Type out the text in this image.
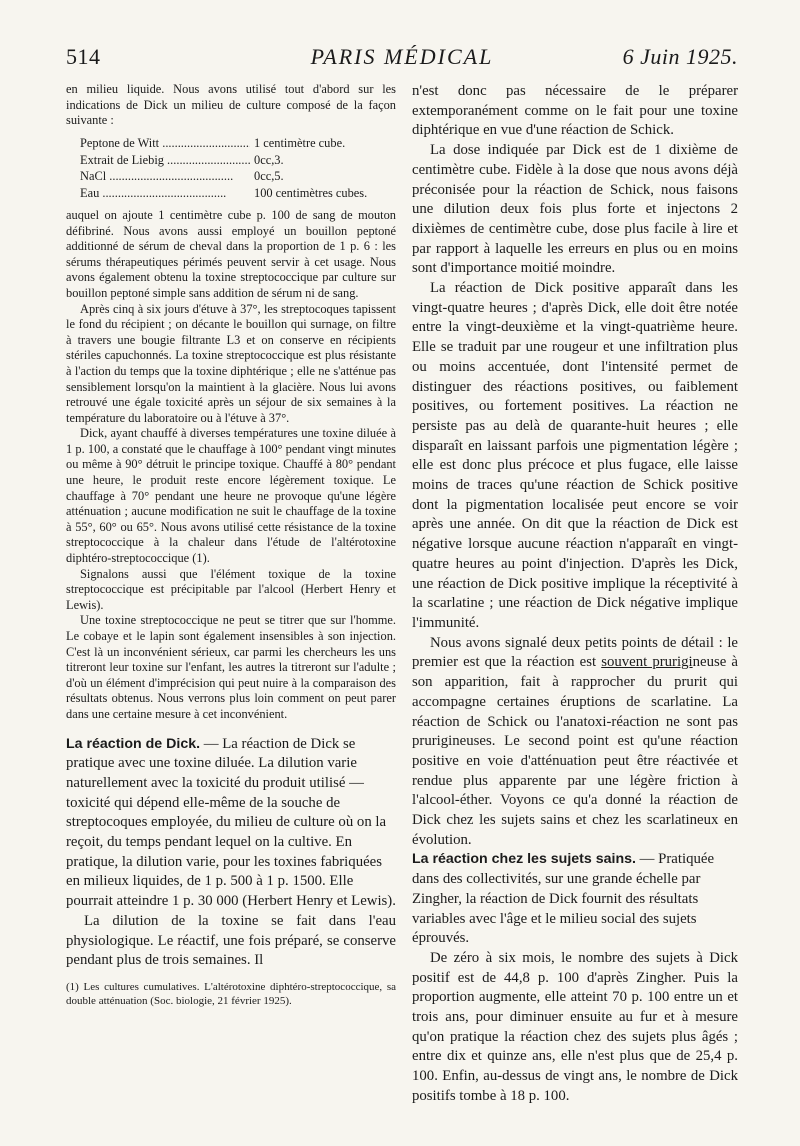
514	PARIS MÉDICAL	6 Juin 1925.

en milieu liquide. Nous avons utilisé tout d'abord sur les indications de Dick un milieu de culture composé de la façon suivante :

Peptone de Witt .....	1 centimètre cube.
Extrait de Liebig .....	0cc,3.
NaCl .....	0cc,5.
Eau .....	100 centimètres cubes.

auquel on ajoute 1 centimètre cube p. 100 de sang de mouton défibriné. Nous avons aussi employé un bouillon peptoné additionné de sérum de cheval dans la proportion de 1 p. 6 : les sérums thérapeutiques périmés peuvent servir à cet usage. Nous avons également obtenu la toxine streptococcique par culture sur bouillon peptoné simple sans addition de sérum ni de sang.

Après cinq à six jours d'étuve à 37°, les streptocoques tapissent le fond du récipient ; on décante le bouillon qui surnage, on filtre à travers une bougie filtrante L3 et on conserve en récipients stériles capuchonnés. La toxine streptococcique est plus résistante à l'action du temps que la toxine diphtérique ; elle ne s'atténue pas sensiblement lorsqu'on la maintient à la glacière. Nous lui avons retrouvé une égale toxicité après un séjour de six semaines à la température du laboratoire ou à l'étuve à 37°.

Dick, ayant chauffé à diverses températures une toxine diluée à 1 p. 100, a constaté que le chauffage à 100° pendant vingt minutes ou même à 90° détruit le principe toxique. Chauffé à 80° pendant une heure, le produit reste encore légèrement toxique. Le chauffage à 70° pendant une heure ne provoque qu'une légère atténuation ; aucune modification ne suit le chauffage de la toxine à 55°, 60° ou 65°. Nous avons utilisé cette résistance de la toxine streptococcique à la chaleur dans l'étude de l'altérotoxine diphtéro-streptococcique (1).

Signalons aussi que l'élément toxique de la toxine streptococcique est précipitable par l'alcool (Herbert Henry et Lewis).

Une toxine streptococcique ne peut se titrer que sur l'homme. Le cobaye et le lapin sont également insensibles à son injection. C'est là un inconvénient sérieux, car parmi les chercheurs les uns titreront leur toxine sur l'enfant, les autres la titreront sur l'adulte ; d'où un élément d'imprécision qui peut nuire à la comparaison des résultats obtenus. Nous verrons plus loin comment on peut parer dans une certaine mesure à cet inconvénient.

La réaction de Dick. — La réaction de Dick se pratique avec une toxine diluée. La dilution varie naturellement avec la toxicité du produit utilisé — toxicité qui dépend elle-même de la souche de streptocoques employée, du milieu de culture où on la reçoit, du temps pendant lequel on la cultive. En pratique, la dilution varie, pour les toxines fabriquées en milieux liquides, de 1 p. 500 à 1 p. 1500. Elle pourrait atteindre 1 p. 30 000 (Herbert Henry et Lewis).

La dilution de la toxine se fait dans l'eau physiologique. Le réactif, une fois préparé, se conserve pendant plus de trois semaines. Il

(1) Les cultures cumulatives. L'altérotoxine diphtéro-streptococcique, sa double atténuation (Soc. biologie, 21 février 1925).

n'est donc pas nécessaire de le préparer extemporanément comme on le fait pour une toxine diphtérique en vue d'une réaction de Schick.

La dose indiquée par Dick est de 1 dixième de centimètre cube. Fidèle à la dose que nous avons déjà préconisée pour la réaction de Schick, nous faisons une dilution deux fois plus forte et injectons 2 dixièmes de centimètre cube, dose plus facile à lire et par rapport à laquelle les erreurs en plus ou en moins sont d'importance moitié moindre.

La réaction de Dick positive apparaît dans les vingt-quatre heures ; d'après Dick, elle doit être notée entre la vingt-deuxième et la vingt-quatrième heure. Elle se traduit par une rougeur et une infiltration plus ou moins accentuée, dont l'intensité permet de distinguer des réactions positives, ou faiblement positives, ou fortement positives. La réaction ne persiste pas au delà de quarante-huit heures ; elle disparaît en laissant parfois une pigmentation légère ; elle est donc plus précoce et plus fugace, elle laisse moins de traces qu'une réaction de Schick positive dont la pigmentation localisée peut encore se voir après une année. On dit que la réaction de Dick est négative lorsque aucune réaction n'apparaît en vingt-quatre heures au point d'injection. D'après les Dick, une réaction de Dick positive implique la réceptivité à la scarlatine ; une réaction de Dick négative implique l'immunité.

Nous avons signalé deux petits points de détail : le premier est que la réaction est souvent prurigineuse à son apparition, fait à rapprocher du prurit qui accompagne certaines éruptions de scarlatine. La réaction de Schick ou l'anatoxi-réaction ne sont pas prurigineuses. Le second point est qu'une réaction positive en voie d'atténuation peut être réactivée et rendue plus apparente par une légère friction à l'alcool-éther. Voyons ce qu'a donné la réaction de Dick chez les sujets sains et chez les scarlatineux en évolution.

La réaction chez les sujets sains. — Pratiquée dans des collectivités, sur une grande échelle par Zingher, la réaction de Dick fournit des résultats variables avec l'âge et le milieu social des sujets éprouvés.

De zéro à six mois, le nombre des sujets à Dick positif est de 44,8 p. 100 d'après Zingher. Puis la proportion augmente, elle atteint 70 p. 100 entre un et trois ans, pour diminuer ensuite au fur et à mesure qu'on pratique la réaction chez des sujets plus âgés ; entre dix et quinze ans, elle n'est plus que de 25,4 p. 100. Enfin, au-dessus de vingt ans, le nombre de Dick positifs tombe à 18 p. 100.
